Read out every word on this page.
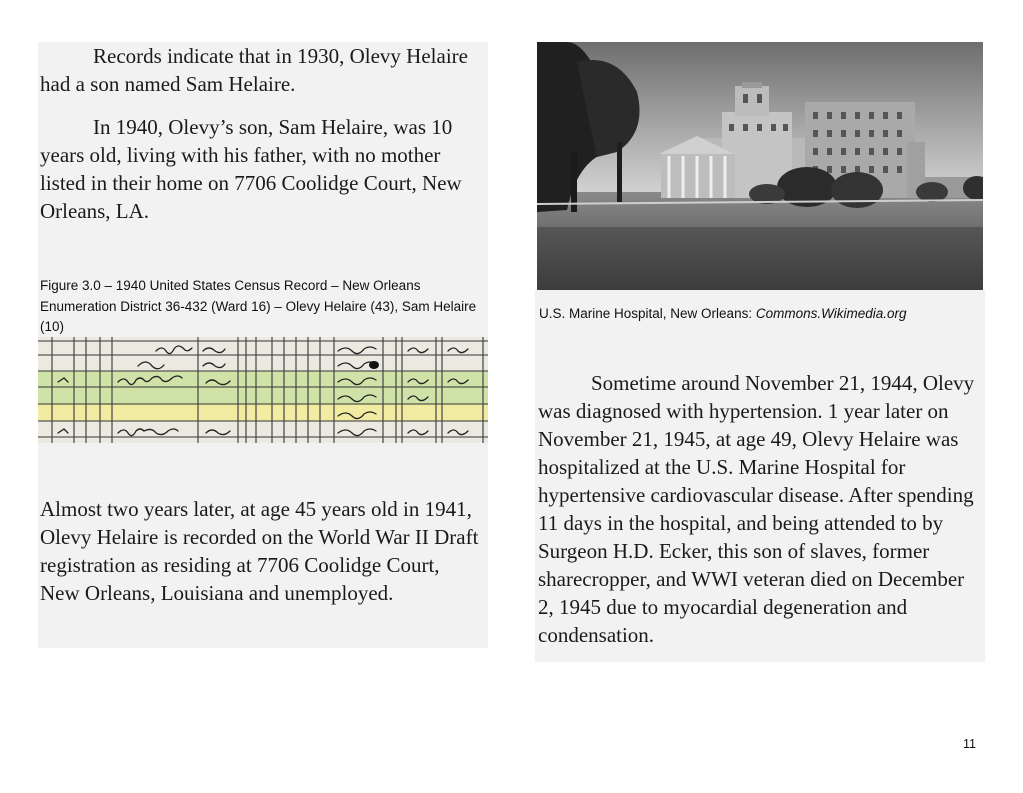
Records indicate that in 1930, Olevy Helaire had a son named Sam Helaire.

In 1940, Olevy’s son, Sam Helaire, was 10 years old, living with his father, with no mother listed in their home on 7706 Coolidge Court, New Orleans, LA.

Figure 3.0 – 1940 United States Census Record – New Orleans Enumeration District 36-432 (Ward 16) – Olevy Helaire (43), Sam Helaire (10)

Almost two years later, at age 45 years old in 1941, Olevy Helaire is recorded on the World War II Draft registration as residing at 7706 Coolidge Court, New Orleans, Louisiana and unemployed.

U.S. Marine Hospital, New Orleans: Commons.Wikimedia.org

Sometime around November 21, 1944, Olevy was diagnosed with hypertension. 1 year later on November 21, 1945, at age 49, Olevy Helaire was hospitalized at the U.S. Marine Hospital for hypertensive cardiovascular disease. After spending 11 days in the hospital, and being attended to by Surgeon H.D. Ecker, this son of slaves, former sharecropper, and WWI veteran died on December 2, 1945 due to myocardial degeneration and condensation.

11
